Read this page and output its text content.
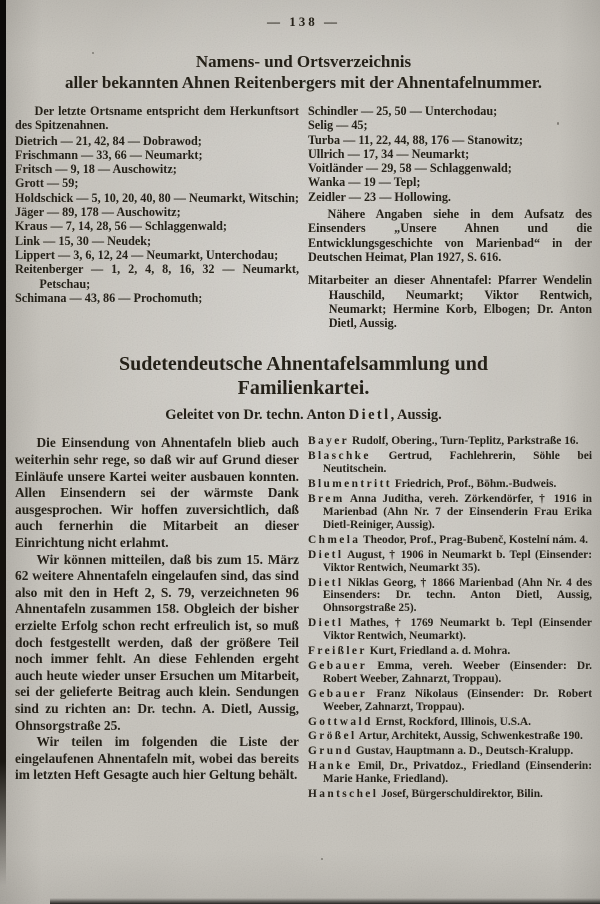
— 138 —
Namens- und Ortsverzeichnis
aller bekannten Ahnen Reitenbergers mit der Ahnentafelnummer.

Der letzte Ortsname entspricht dem Herkunftsort des Spitzenahnen.

Dietrich — 21, 42, 84 — Dobrawod;

Frischmann — 33, 66 — Neumarkt;

Fritsch — 9, 18 — Auschowitz;

Grott — 59;

Holdschick — 5, 10, 20, 40, 80 — Neumarkt, Witschin;

Jäger — 89, 178 — Auschowitz;

Kraus — 7, 14, 28, 56 — Schlaggenwald;

Link — 15, 30 — Neudek;

Lippert — 3, 6, 12, 24 — Neumarkt, Unterchodau;

Reitenberger — 1, 2, 4, 8, 16, 32 — Neumarkt, Petschau;

Schimana — 43, 86 — Prochomuth;

Schindler — 25, 50 — Unterchodau;

Selig — 45;

Turba — 11, 22, 44, 88, 176 — Stanowitz;

Ullrich — 17, 34 — Neumarkt;

Voitländer — 29, 58 — Schlaggenwald;

Wanka — 19 — Tepl;

Zeidler — 23 — Hollowing.

Nähere Angaben siehe in dem Aufsatz des Einsenders „Unsere Ahnen und die Entwicklungsgeschichte von Marienbad“ in der Deutschen Heimat, Plan 1927, S. 616.

Mitarbeiter an dieser Ahnentafel: Pfarrer Wendelin Hauschild, Neumarkt; Viktor Rentwich, Neumarkt; Hermine Korb, Elbogen; Dr. Anton Dietl, Aussig.

Sudetendeutsche Ahnentafelsammlung und
Familienkartei.
Geleitet von Dr. techn. Anton Dietl, Aussig.

Die Einsendung von Ahnentafeln blieb auch weiterhin sehr rege, so daß wir auf Grund dieser Einläufe unsere Kartei weiter ausbauen konnten. Allen Einsendern sei der wärmste Dank ausgesprochen. Wir hoffen zuversichtlich, daß auch fernerhin die Mitarbeit an dieser Einrichtung nicht erlahmt.

Wir können mitteilen, daß bis zum 15. März 62 weitere Ahnentafeln eingelaufen sind, das sind also mit den in Heft 2, S. 79, verzeichneten 96 Ahnentafeln zusammen 158. Obgleich der bisher erzielte Erfolg schon recht erfreulich ist, so muß doch festgestellt werden, daß der größere Teil noch immer fehlt. An diese Fehlenden ergeht auch heute wieder unser Ersuchen um Mitarbeit, sei der gelieferte Beitrag auch klein. Sendungen sind zu richten an: Dr. techn. A. Dietl, Aussig, Ohnsorgstraße 25.

Wir teilen im folgenden die Liste der eingelaufenen Ahnentafeln mit, wobei das bereits im letzten Heft Gesagte auch hier Geltung behält.

Bayer Rudolf, Obering., Turn-Teplitz, Parkstraße 16.

Blaschke Gertrud, Fachlehrerin, Söhle bei Neutitschein.

Blumentritt Friedrich, Prof., Böhm.-Budweis.

Brem Anna Juditha, vereh. Zörkendörfer, † 1916 in Marienbad (Ahn Nr. 7 der Einsenderin Frau Erika Dietl-Reiniger, Aussig).

Chmela Theodor, Prof., Prag-Bubenč, Kostelní nám. 4.

Dietl August, † 1906 in Neumarkt b. Tepl (Einsender: Viktor Rentwich, Neumarkt 35).

Dietl Niklas Georg, † 1866 Marienbad (Ahn Nr. 4 des Einsenders: Dr. techn. Anton Dietl, Aussig, Ohnsorgstraße 25).

Dietl Mathes, † 1769 Neumarkt b. Tepl (Einsender Viktor Rentwich, Neumarkt).

Freißler Kurt, Friedland a. d. Mohra.

Gebauer Emma, vereh. Weeber (Einsender: Dr. Robert Weeber, Zahnarzt, Troppau).

Gebauer Franz Nikolaus (Einsender: Dr. Robert Weeber, Zahnarzt, Troppau).

Gottwald Ernst, Rockford, Illinois, U.S.A.

Größel Artur, Architekt, Aussig, Schwenkestraße 190.

Grund Gustav, Hauptmann a. D., Deutsch-Kralupp.

Hanke Emil, Dr., Privatdoz., Friedland (Einsenderin: Marie Hanke, Friedland).

Hantschel Josef, Bürgerschuldirektor, Bilin.
